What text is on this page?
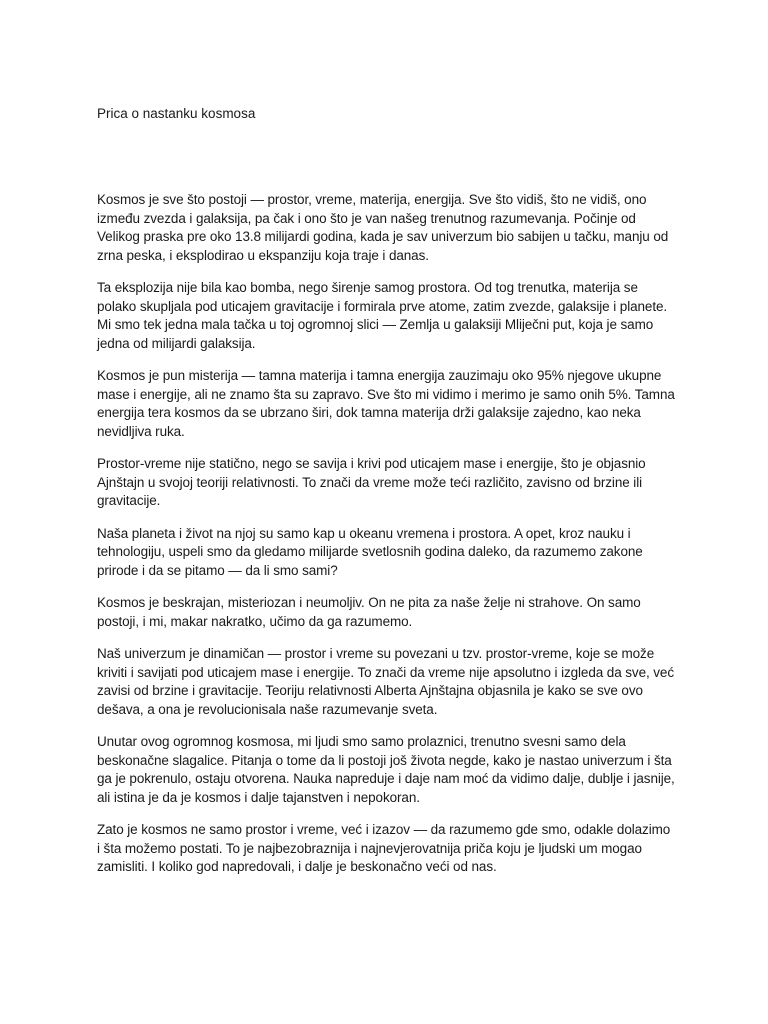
Prica o nastanku kosmosa

Kosmos je sve što postoji — prostor, vreme, materija, energija. Sve što vidiš, što ne vidiš, ono između zvezda i galaksija, pa čak i ono što je van našeg trenutnog razumevanja. Počinje od Velikog praska pre oko 13.8 milijardi godina, kada je sav univerzum bio sabijen u tačku, manju od zrna peska, i eksplodirao u ekspanziju koja traje i danas.

Ta eksplozija nije bila kao bomba, nego širenje samog prostora. Od tog trenutka, materija se polako skupljala pod uticajem gravitacije i formirala prve atome, zatim zvezde, galaksije i planete. Mi smo tek jedna mala tačka u toj ogromnoj slici — Zemlja u galaksiji Mliječni put, koja je samo jedna od milijardi galaksija.

Kosmos je pun misterija — tamna materija i tamna energija zauzimaju oko 95% njegove ukupne mase i energije, ali ne znamo šta su zapravo. Sve što mi vidimo i merimo je samo onih 5%. Tamna energija tera kosmos da se ubrzano širi, dok tamna materija drži galaksije zajedno, kao neka nevidljiva ruka.

Prostor-vreme nije statično, nego se savija i krivi pod uticajem mase i energije, što je objasnio Ajnštajn u svojoj teoriji relativnosti. To znači da vreme može teći različito, zavisno od brzine ili gravitacije.

Naša planeta i život na njoj su samo kap u okeanu vremena i prostora. A opet, kroz nauku i tehnologiju, uspeli smo da gledamo milijarde svetlosnih godina daleko, da razumemo zakone prirode i da se pitamo — da li smo sami?

Kosmos je beskrajan, misteriozan i neumoljiv. On ne pita za naše želje ni strahove. On samo postoji, i mi, makar nakratko, učimo da ga razumemo.

Naš univerzum je dinamičan — prostor i vreme su povezani u tzv. prostor-vreme, koje se može kriviti i savijati pod uticajem mase i energije. To znači da vreme nije apsolutno i izgleda da sve, već zavisi od brzine i gravitacije. Teoriju relativnosti Alberta Ajnštajna objasnila je kako se sve ovo dešava, a ona je revolucionisala naše razumevanje sveta.

Unutar ovog ogromnog kosmosa, mi ljudi smo samo prolaznici, trenutno svesni samo dela beskonačne slagalice. Pitanja o tome da li postoji još života negde, kako je nastao univerzum i šta ga je pokrenulo, ostaju otvorena. Nauka napreduje i daje nam moć da vidimo dalje, dublje i jasnije, ali istina je da je kosmos i dalje tajanstven i nepokoran.

Zato je kosmos ne samo prostor i vreme, već i izazov — da razumemo gde smo, odakle dolazimo i šta možemo postati. To je najbezobraznija i najnevjerovatnija priča koju je ljudski um mogao zamisliti. I koliko god napredovali, i dalje je beskonačno veći od nas.
